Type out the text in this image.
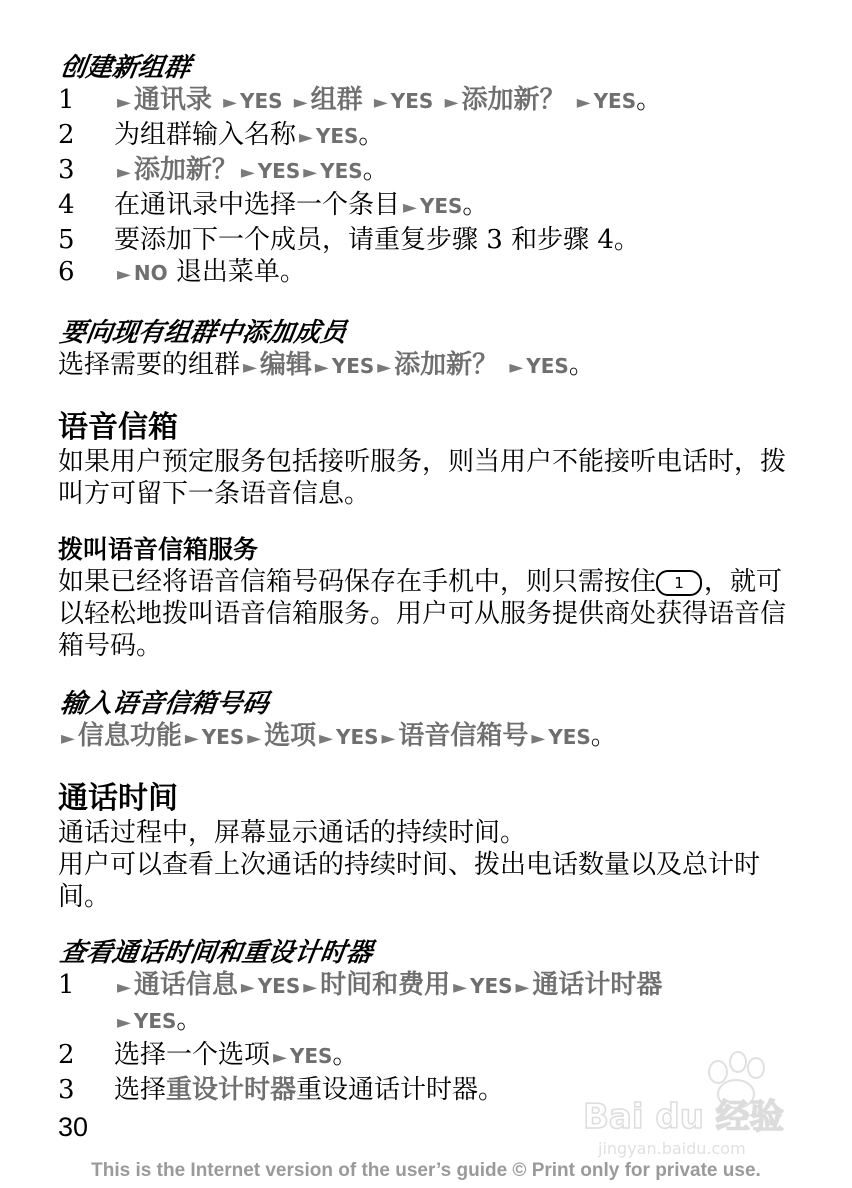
创建新组群
1	► 通讯录 ► YES ► 组群 ► YES ► 添加新？ ► YES。
2	为组群输入名称 ► YES。
3	► 添加新？ ► YES ► YES。
4	在通讯录中选择一个条目 ► YES。
5	要添加下一个成员，请重复步骤 3 和步骤 4。
6	► NO 退出菜单。
要向现有组群中添加成员
选择需要的组群 ► 编辑 ► YES ► 添加新？ ► YES。
语音信箱
如果用户预定服务包括接听服务，则当用户不能接听电话时，拨叫方可留下一条语音信息。
拨叫语音信箱服务
如果已经将语音信箱号码保存在手机中，则只需按住 1 ，就可以轻松地拨叫语音信箱服务。用户可从服务提供商处获得语音信箱号码。
输入语音信箱号码
► 信息功能 ► YES ► 选项 ► YES ► 语音信箱号 ► YES。
通话时间
通话过程中，屏幕显示通话的持续时间。
用户可以查看上次通话的持续时间、拨出电话数量以及总计时间。
查看通话时间和重设计时器
1	► 通话信息 ► YES ► 时间和费用 ► YES ► 通话计时器
► YES。
2	选择一个选项 ► YES。
3	选择重设计时器重设通话计时器。
30	Bai du 经验
jingyan.baidu.com
This is the Internet version of the user’s guide © Print only for private use.
